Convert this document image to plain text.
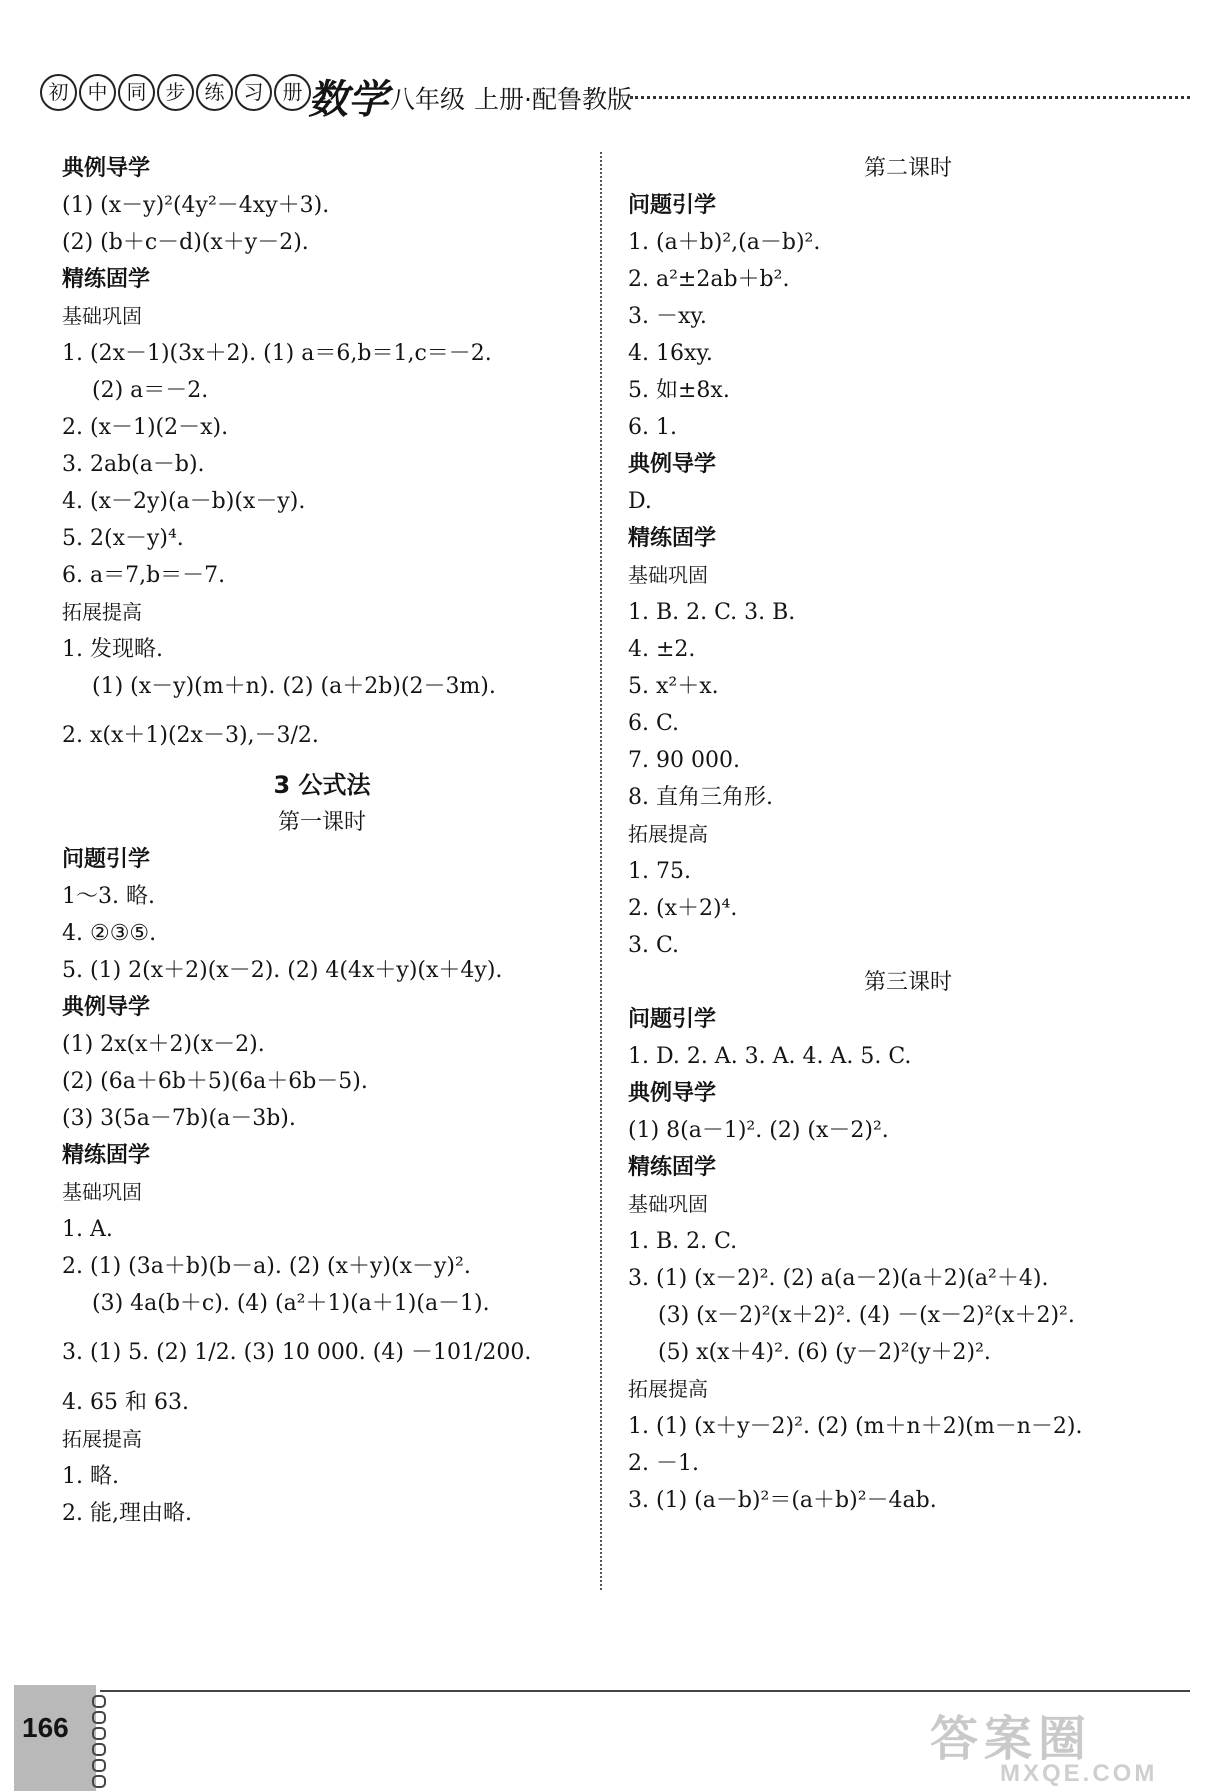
初 中 同 步 练 习 册 数学 八年级 上册·配鲁教版
典例导学
(1) (x－y)²(4y²－4xy＋3).
(2) (b＋c－d)(x＋y－2).
精练固学
基础巩固
1. (2x－1)(3x＋2). (1) a＝6,b＝1,c＝－2.
(2) a＝－2.
2. (x－1)(2－x).
3. 2ab(a－b).
4. (x－2y)(a－b)(x－y).
5. 2(x－y)⁴.
6. a＝7,b＝－7.
拓展提高
1. 发现略.
(1) (x－y)(m＋n). (2) (a＋2b)(2－3m).
2. x(x＋1)(2x－3),－3/2.
3 公式法
第一课时
问题引学
1～3. 略.
4. ②③⑤.
5. (1) 2(x＋2)(x－2). (2) 4(4x＋y)(x＋4y).
典例导学
(1) 2x(x＋2)(x－2).
(2) (6a＋6b＋5)(6a＋6b－5).
(3) 3(5a－7b)(a－3b).
精练固学
基础巩固
1. A.
2. (1) (3a＋b)(b－a). (2) (x＋y)(x－y)².
(3) 4a(b＋c). (4) (a²＋1)(a＋1)(a－1).
3. (1) 5. (2) 1/2. (3) 10 000. (4) －101/200.
4. 65 和 63.
拓展提高
1. 略.
2. 能,理由略.
第二课时
问题引学
1. (a＋b)²,(a－b)².
2. a²±2ab＋b².
3. －xy.
4. 16xy.
5. 如±8x.
6. 1.
典例导学
D.
精练固学
基础巩固
1. B. 2. C. 3. B.
4. ±2.
5. x²＋x.
6. C.
7. 90 000.
8. 直角三角形.
拓展提高
1. 75.
2. (x＋2)⁴.
3. C.
第三课时
问题引学
1. D. 2. A. 3. A. 4. A. 5. C.
典例导学
(1) 8(a－1)². (2) (x－2)².
精练固学
基础巩固
1. B. 2. C.
3. (1) (x－2)². (2) a(a－2)(a＋2)(a²＋4).
(3) (x－2)²(x＋2)². (4) －(x－2)²(x＋2)².
(5) x(x＋4)². (6) (y－2)²(y＋2)².
拓展提高
1. (1) (x＋y－2)². (2) (m＋n＋2)(m－n－2).
2. －1.
3. (1) (a－b)²＝(a＋b)²－4ab.
166	答案圈
MXQE.COM
